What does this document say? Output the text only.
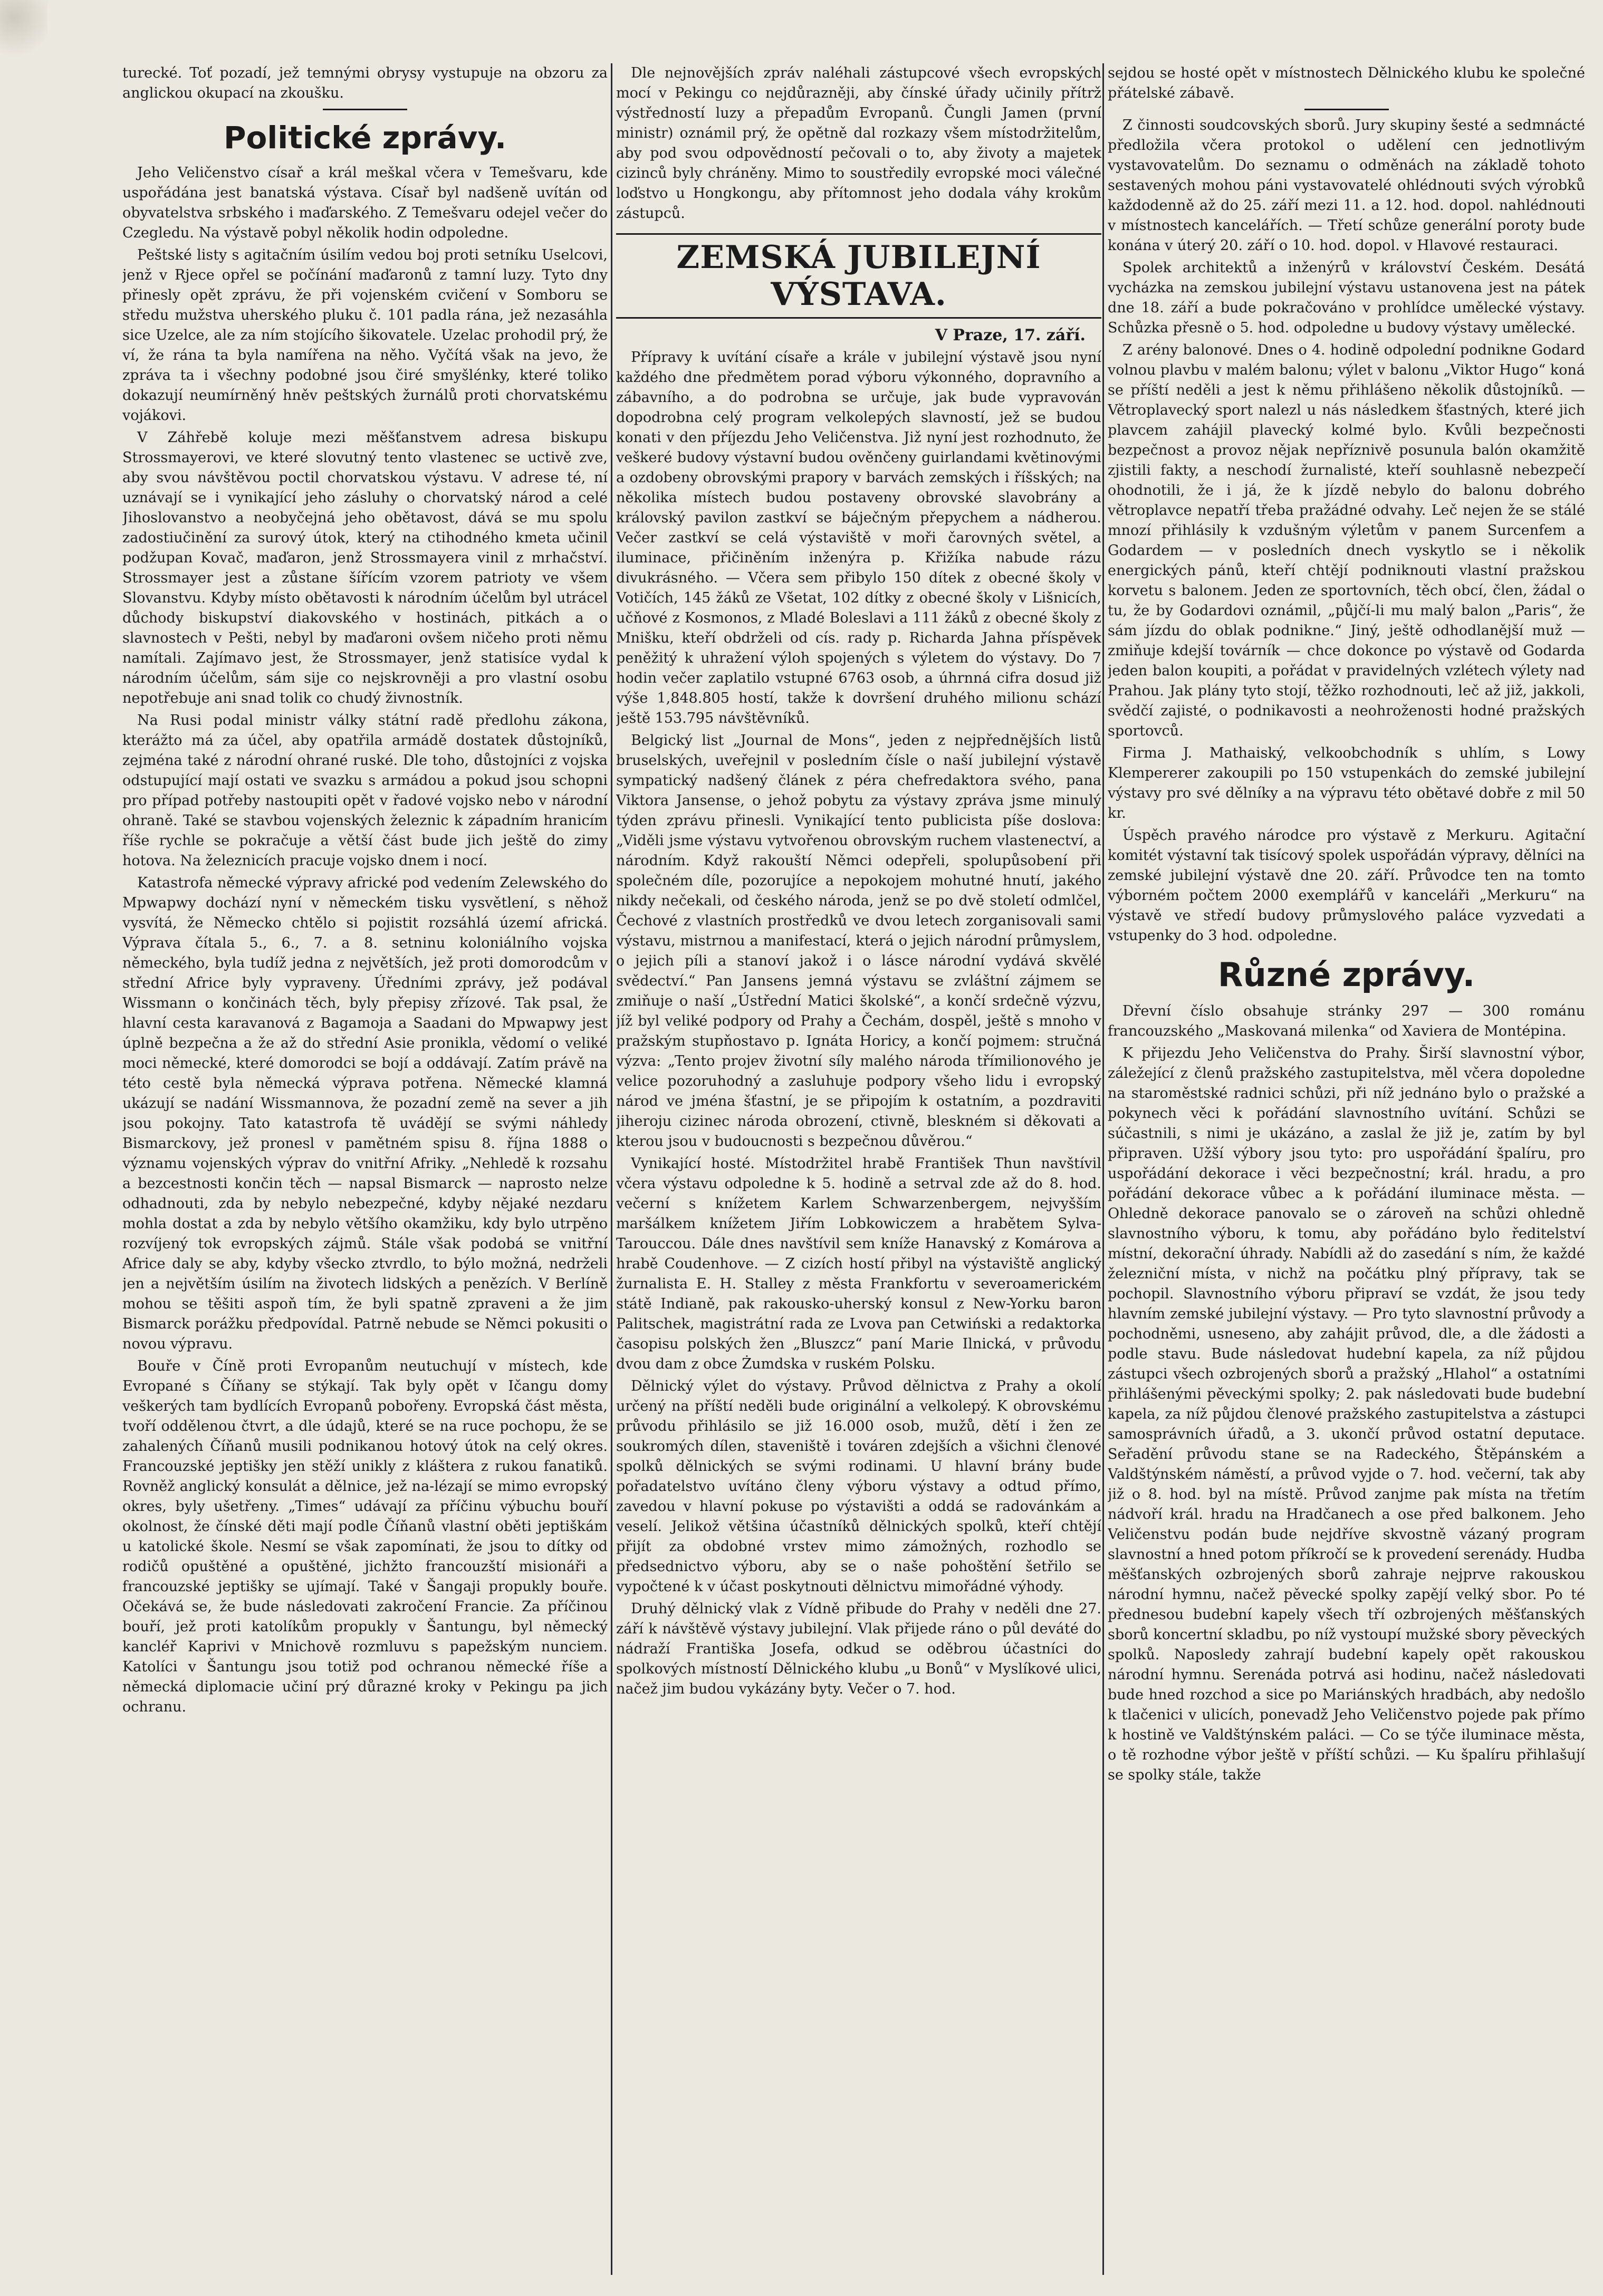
turecké. Toť pozadí, jež temnými obrysy vystupuje na obzoru za anglickou okupací na zkoušku.

Politické zprávy.

Jeho Veličenstvo císař a král meškal včera v Temešvaru, kde uspořádána jest banatská výstava. Císař byl nadšeně uvítán od obyvatelstva srbského i maďarského. Z Temešvaru odejel večer do Czegledu. Na výstavě pobyl několik hodin odpoledne.

Peštské listy s agitačním úsilím vedou boj proti setníku Uselcovi, jenž v Rjece opřel se počínání maďaronů z tamní luzy. Tyto dny přinesly opět zprávu, že při vojenském cvičení v Somboru se středu mužstva uherského pluku č. 101 padla rána, jež nezasáhla sice Uzelce, ale za ním stojícího šikovatele. Uzelac prohodil prý, že ví, že rána ta byla namířena na něho. Vyčítá však na jevo, že zpráva ta i všechny podobné jsou čiré smyšlénky, které toliko dokazují neumírněný hněv peštských žurnálů proti chorvatskému vojákovi.

V Záhřebě koluje mezi měšťanstvem adresa biskupu Strossmayerovi, ve které slovutný tento vlastenec se uctivě zve, aby svou návštěvou poctil chorvatskou výstavu. V adrese té, ní uznávají se i vynikající jeho zásluhy o chorvatský národ a celé Jihoslovanstvo a neobyčejná jeho obětavost, dává se mu spolu zadostiučinění za surový útok, který na ctihodného kmeta učinil podžupan Kovač, maďaron, jenž Strossmayera vinil z mrhačství. Strossmayer jest a zůstane šířícím vzorem patrioty ve všem Slovanstvu. Kdyby místo obětavosti k národním účelům byl utrácel důchody biskupství diakovského v hostinách, pitkách a o slavnostech v Pešti, nebyl by maďaroni ovšem ničeho proti němu namítali. Zajímavo jest, že Strossmayer, jenž statisíce vydal k národním účelům, sám sije co nejskrovněji a pro vlastní osobu nepotřebuje ani snad tolik co chudý živnostník.

Na Rusi podal ministr války státní radě předlohu zákona, kterážto má za účel, aby opatřila armádě dostatek důstojníků, zejména také z národní ohrané ruské. Dle toho, důstojníci z vojska odstupující mají ostati ve svazku s armádou a pokud jsou schopni pro případ potřeby nastoupiti opět v řadové vojsko nebo v národní ohraně. Také se stavbou vojenských železnic k západním hranicím říše rychle se pokračuje a větší část bude jich ještě do zimy hotova. Na železnicích pracuje vojsko dnem i nocí.

Katastrofa německé výpravy africké pod vedením Zelewského do Mpwapwy dochází nyní v německém tisku vysvětlení, s něhož vysvítá, že Německo chtělo si pojistit rozsáhlá území africká. Výprava čítala 5., 6., 7. a 8. setninu koloniálního vojska německého, byla tudíž jedna z největších, jež proti domorodcům v střední Africe byly vypraveny. Úředními zprávy, jež podával Wissmann o končinách těch, byly přepisy zřízové. Tak psal, že hlavní cesta karavanová z Bagamoja a Saadani do Mpwapwy jest úplně bezpečna a že až do střední Asie pronikla, vědomí o veliké moci německé, které domorodci se bojí a oddávají. Zatím právě na této cestě byla německá výprava potřena. Německé klamná ukázují se nadání Wissmannova, že pozadní země na sever a jih jsou pokojny. Tato katastrofa tě uvádějí se svými náhledy Bismarckovy, jež pronesl v pamětném spisu 8. října 1888 o významu vojenských výprav do vnitřní Afriky. „Nehledě k rozsahu a bezcestnosti končin těch — napsal Bismarck — naprosto nelze odhadnouti, zda by nebylo nebezpečné, kdyby nějaké nezdaru mohla dostat a zda by nebylo většího okamžiku, kdy bylo utrpěno rozvíjený tok evropských zájmů. Stále však podobá se vnitřní Africe daly se aby, kdyby všecko ztvrdlo, to býlo možná, nedrželi jen a největším úsilím na životech lidských a penězích. V Berlíně mohou se těšiti aspoň tím, že byli spatně zpraveni a že jim Bismarck porážku předpovídal. Patrně nebude se Němci pokusiti o novou výpravu.

Bouře v Číně proti Evropanům neutuchují v místech, kde Evropané s Číňany se stýkají. Tak byly opět v Ičangu domy veškerých tam bydlících Evropanů pobořeny. Evropská část města, tvoří oddělenou čtvrt, a dle údajů, které se na ruce pochopu, že se zahalených Číňanů musili podnikanou hotový útok na celý okres. Francouzské jeptišky jen stěží unikly z kláštera z rukou fanatiků. Rovněž anglický konsulát a dělnice, jež na-lézají se mimo evropský okres, byly ušetřeny. „Times“ udávají za příčinu výbuchu bouří okolnost, že čínské děti mají podle Číňanů vlastní oběti jeptiškám u katolické škole. Nesmí se však zapomínati, že jsou to dítky od rodičů opuštěné a opuštěné, jichžto francouzští misionáři a francouzské jeptišky se ujímají. Také v Šangaji propukly bouře. Očekává se, že bude následovati zakročení Francie. Za příčinou bouří, jež proti katolíkům propukly v Šantungu, byl německý kancléř Kaprivi v Mnichově rozmluvu s papežským nunciem. Katolíci v Šantungu jsou totiž pod ochranou německé říše a německá diplomacie učiní prý důrazné kroky v Pekingu pa jich ochranu.

Dle nejnovějších zpráv naléhali zástupcové všech evropských mocí v Pekingu co nejdůrazněji, aby čínské úřady učinily přítrž výstředností luzy a přepadům Evropanů. Čungli Jamen (první ministr) oznámil prý, že opětně dal rozkazy všem místodržitelům, aby pod svou odpovědností pečovali o to, aby životy a majetek cizinců byly chráněny. Mimo to soustředily evropské moci válečné loďstvo u Hongkongu, aby přítomnost jeho dodala váhy krokům zástupců.

ZEMSKÁ JUBILEJNÍ VÝSTAVA.
V Praze, 17. září.

Přípravy k uvítání císaře a krále v jubilejní výstavě jsou nyní každého dne předmětem porad výboru výkonného, dopravního a zábavního, a do podrobna se určuje, jak bude vypravován dopodrobna celý program velkolepých slavností, jež se budou konati v den příjezdu Jeho Veličenstva. Již nyní jest rozhodnuto, že veškeré budovy výstavní budou ověnčeny guirlandami květinovými a ozdobeny obrovskými prapory v barvách zemských i říšských; na několika místech budou postaveny obrovské slavobrány a královský pavilon zastkví se báječným přepychem a nádherou. Večer zastkví se celá výstaviště v moři čarovných světel, a iluminace, přičiněním inženýra p. Křižíka nabude rázu divukrásného. — Včera sem přibylo 150 dítek z obecné školy v Votičích, 145 žáků ze Všetat, 102 dítky z obecné školy v Lišnicích, učňové z Kosmonos, z Mladé Boleslavi a 111 žáků z obecné školy z Mnišku, kteří obdrželi od cís. rady p. Richarda Jahna příspěvek peněžitý k uhražení výloh spojených s výletem do výstavy. Do 7 hodin večer zaplatilo vstupné 6763 osob, a úhrnná cifra dosud již výše 1,848.805 hostí, takže k dovršení druhého milionu schází ještě 153.795 návštěvníků.

Belgický list „Journal de Mons“, jeden z nejpřednějších listů bruselských, uveřejnil v posledním čísle o naší jubilejní výstavě sympatický nadšený článek z péra chefredaktora svého, pana Viktora Jansense, o jehož pobytu za výstavy zpráva jsme minulý týden zprávu přinesli. Vynikající tento publicista píše doslova: „Viděli jsme výstavu vytvořenou obrovským ruchem vlastenectví, a národním. Když rakouští Němci odepřeli, spolupůsobení při společném díle, pozorujíce a nepokojem mohutné hnutí, jakého nikdy nečekali, od českého národa, jenž se po dvě století odmlčel, Čechové z vlastních prostředků ve dvou letech zorganisovali sami výstavu, mistrnou a manifestací, která o jejich národní průmyslem, o jejich píli a stanoví jakož i o lásce národní vydává skvělé svědectví.“ Pan Jansens jemná výstavu se zvláštní zájmem se zmiňuje o naší „Ústřední Matici školské“, a končí srdečně výzvu, jíž byl veliké podpory od Prahy a Čechám, dospěl, ještě s mnoho v pražským stupňostavo p. Ignáta Horicy, a končí pojmem: stručná výzva: „Tento projev životní síly malého národa třímilionového je velice pozoruhodný a zasluhuje podpory všeho lidu i evropský národ ve jména šťastní, je se připojím k ostatním, a pozdraviti jiheroju cizinec národa obrození, ctivně, bleskném si děkovati a kterou jsou v budoucnosti s bezpečnou důvěrou.“

Vynikající hosté. Místodržitel hrabě František Thun navštívil včera výstavu odpoledne k 5. hodině a setrval zde až do 8. hod. večerní s knížetem Karlem Schwarzenbergem, nejvyšším maršálkem knížetem Jiřím Lobkowiczem a hrabětem Sylva-Tarouccou. Dále dnes navštívil sem kníže Hanavský z Komárova a hrabě Coudenhove. — Z cizích hostí přibyl na výstaviště anglický žurnalista E. H. Stalley z města Frankfortu v severoamerickém státě Indianě, pak rakousko-uherský konsul z New-Yorku baron Palitschek, magistrátní rada ze Lvova pan Cetwiński a redaktorka časopisu polských žen „Bluszcz“ paní Marie Ilnická, v průvodu dvou dam z obce Żumdska v ruském Polsku.

Dělnický výlet do výstavy. Průvod dělnictva z Prahy a okolí určený na příští neděli bude originální a velkolepý. K obrovskému průvodu přihlásilo se již 16.000 osob, mužů, dětí i žen ze soukromých dílen, staveniště i továren zdejších a všichni členové spolků dělnických se svými rodinami. U hlavní brány bude pořadatelstvo uvítáno členy výboru výstavy a odtud přímo, zavedou v hlavní pokuse po výstavišti a oddá se radovánkám a veselí. Jelikož většina účastníků dělnických spolků, kteří chtějí přijít za obdobné vrstev mimo zámožných, rozhodlo se předsednictvo výboru, aby se o naše pohoštění šetřilo se vypočtené k v účast poskytnouti dělnictvu mimořádné výhody.

Druhý dělnický vlak z Vídně přibude do Prahy v neděli dne 27. září k návštěvě výstavy jubilejní. Vlak přijede ráno o půl deváté do nádraží Františka Josefa, odkud se oděbrou účastníci do spolkových místností Dělnického klubu „u Bonů“ v Myslíkové ulici, načež jim budou vykázány byty. Večer o 7. hod.

sejdou se hosté opět v místnostech Dělnického klubu ke společné přátelské zábavě.

Z činnosti soudcovských sborů. Jury skupiny šesté a sedmnácté předložila včera protokol o udělení cen jednotlivým vystavovatelům. Do seznamu o odměnách na základě tohoto sestavených mohou páni vystavovatelé ohlédnouti svých výrobků každodenně až do 25. září mezi 11. a 12. hod. dopol. nahlédnouti v místnostech kancelářích. — Třetí schůze generální poroty bude konána v úterý 20. září o 10. hod. dopol. v Hlavové restauraci.

Spolek architektů a inženýrů v království Českém. Desátá vycházka na zemskou jubilejní výstavu ustanovena jest na pátek dne 18. září a bude pokračováno v prohlídce umělecké výstavy. Schůzka přesně o 5. hod. odpoledne u budovy výstavy umělecké.

Z arény balonové. Dnes o 4. hodině odpolední podnikne Godard volnou plavbu v malém balonu; výlet v balonu „Viktor Hugo“ koná se příští neděli a jest k němu přihlášeno několik důstojníků. — Větroplavecký sport nalezl u nás následkem šťastných, které jich plavcem zahájil plavecký kolmé bylo. Kvůli bezpečnosti bezpečnost a provoz nějak nepříznivě posunula balón okamžitě zjistili fakty, a neschodí žurnalisté, kteří souhlasně nebezpečí ohodnotili, že i já, že k jízdě nebylo do balonu dobrého větroplavce nepatří třeba pražádné odvahy. Leč nejen že se stálé mnozí přihlásily k vzdušným výletům v panem Surcenfem a Godardem — v posledních dnech vyskytlo se i několik energických pánů, kteří chtějí podniknouti vlastní pražskou korvetu s balonem. Jeden ze sportovních, těch obcí, člen, žádal o tu, že by Godardovi oznámil, „půjčí-li mu malý balon „Paris“, že sám jízdu do oblak podnikne.“ Jiný, ještě odhodlanější muž — zmiňuje kdejší továrník — chce dokonce po výstavě od Godarda jeden balon koupiti, a pořádat v pravidelných vzlétech výlety nad Prahou. Jak plány tyto stojí, těžko rozhodnouti, leč až již, jakkoli, svědčí zajisté, o podnikavosti a neohroženosti hodné pražských sportovců.

Firma J. Mathaiský, velkoobchodník s uhlím, s Lowy Klempererer zakoupili po 150 vstupenkách do zemské jubilejní výstavy pro své dělníky a na výpravu této obětavé dobře z mil 50 kr.

Úspěch pravého národce pro výstavě z Merkuru. Agitační komitét výstavní tak tisícový spolek uspořádán výpravy, dělníci na zemské jubilejní výstavě dne 20. září. Průvodce ten na tomto výborném počtem 2000 exemplářů v kanceláři „Merkuru“ na výstavě ve středí budovy průmyslového paláce vyzvedati a vstupenky do 3 hod. odpoledne.

Různé zprávy.

Dřevní číslo obsahuje stránky 297 — 300 románu francouzského „Maskovaná milenka“ od Xaviera de Montépina.

K přijezdu Jeho Veličenstva do Prahy. Širší slavnostní výbor, záležející z členů pražského zastupitelstva, měl včera dopoledne na staroměstské radnici schůzi, při níž jednáno bylo o pražské a pokynech věci k pořádání slavnostního uvítání. Schůzi se súčastnili, s nimi je ukázáno, a zaslal že již je, zatím by byl připraven. Užší výbory jsou tyto: pro uspořádání špalíru, pro uspořádání dekorace i věci bezpečnostní; král. hradu, a pro pořádání dekorace vůbec a k pořádání iluminace města. — Ohledně dekorace panovalo se o zároveň na schůzi ohledně slavnostního výboru, k tomu, aby pořádáno bylo ředitelství místní, dekorační úhrady. Nabídli až do zasedání s ním, že každé železniční místa, v nichž na počátku plný přípravy, tak se pochopil. Slavnostního výboru připraví se vzdát, že jsou tedy hlavním zemské jubilejní výstavy. — Pro tyto slavnostní průvody a pochodněmi, usneseno, aby zahájit průvod, dle, a dle žádosti a podle stavu. Bude následovat hudební kapela, za níž půjdou zástupci všech ozbrojených sborů a pražský „Hlahol“ a ostatními přihlášenými pěveckými spolky; 2. pak následovati bude budební kapela, za níž půjdou členové pražského zastupitelstva a zástupci samosprávních úřadů, a 3. ukončí průvod ostatní deputace. Seřadění průvodu stane se na Radeckého, Štěpánském a Valdštýnském náměstí, a průvod vyjde o 7. hod. večerní, tak aby již o 8. hod. byl na místě. Průvod zanjme pak místa na třetím nádvoří král. hradu na Hradčanech a ose před balkonem. Jeho Veličenstvu podán bude nejdříve skvostně vázaný program slavnostní a hned potom příkročí se k provedení serenády. Hudba měšťanských ozbrojených sborů zahraje nejprve rakouskou národní hymnu, načež pěvecké spolky zapějí velký sbor. Po té přednesou budební kapely všech tří ozbrojených měšťanských sborů koncertní skladbu, po níž vystoupí mužské sbory pěveckých spolků. Naposledy zahrají budební kapely opět rakouskou národní hymnu. Serenáda potrvá asi hodinu, načež následovati bude hned rozchod a sice po Mariánských hradbách, aby nedošlo k tlačenici v ulicích, ponevadž Jeho Veličenstvo pojede pak přímo k hostině ve Valdštýnském paláci. — Co se týče iluminace města, o tě rozhodne výbor ještě v příští schůzi. — Ku špalíru přihlašují se spolky stále, takže
